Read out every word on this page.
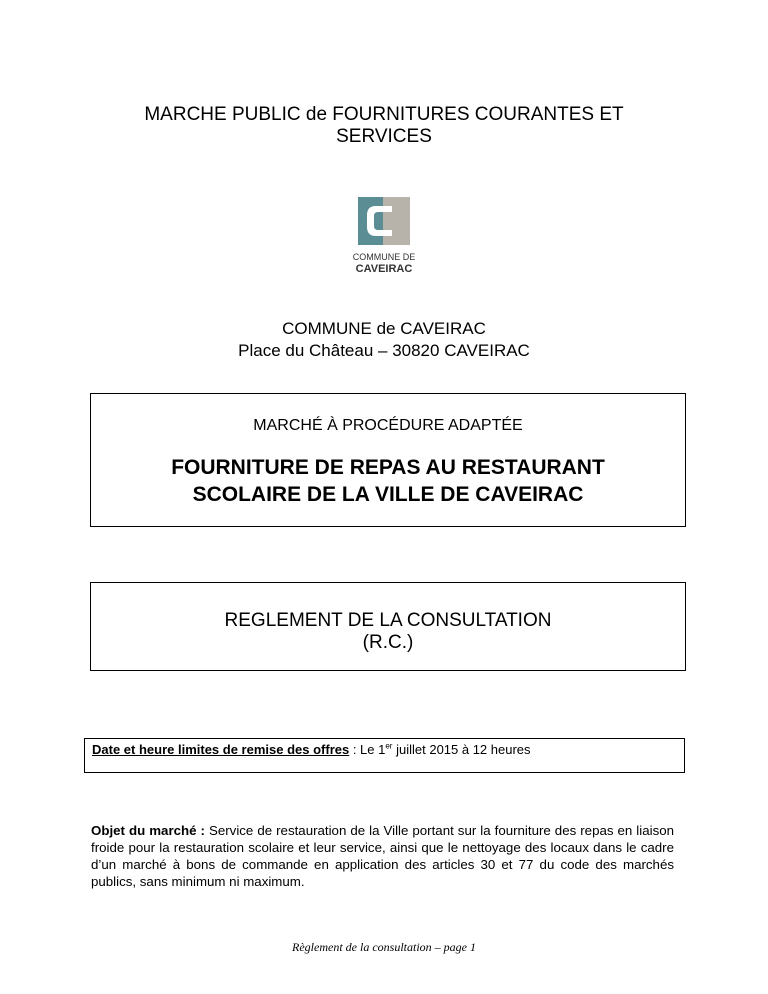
MARCHE PUBLIC de FOURNITURES COURANTES ET
SERVICES
COMMUNE DE
CAVEIRAC
COMMUNE de CAVEIRAC
Place du Château – 30820 CAVEIRAC
MARCHÉ À PROCÉDURE ADAPTÉE
FOURNITURE DE REPAS AU RESTAURANT
SCOLAIRE DE LA VILLE DE CAVEIRAC
REGLEMENT DE LA CONSULTATION
(R.C.)
Date et heure limites de remise des offres : Le 1er juillet 2015 à 12 heures
Objet du marché : Service de restauration de la Ville portant sur la fourniture des repas en liaison froide pour la restauration scolaire et leur service, ainsi que le nettoyage des locaux dans le cadre d’un marché à bons de commande en application des articles 30 et 77 du code des marchés publics, sans minimum ni maximum.
Règlement de la consultation – page 1
